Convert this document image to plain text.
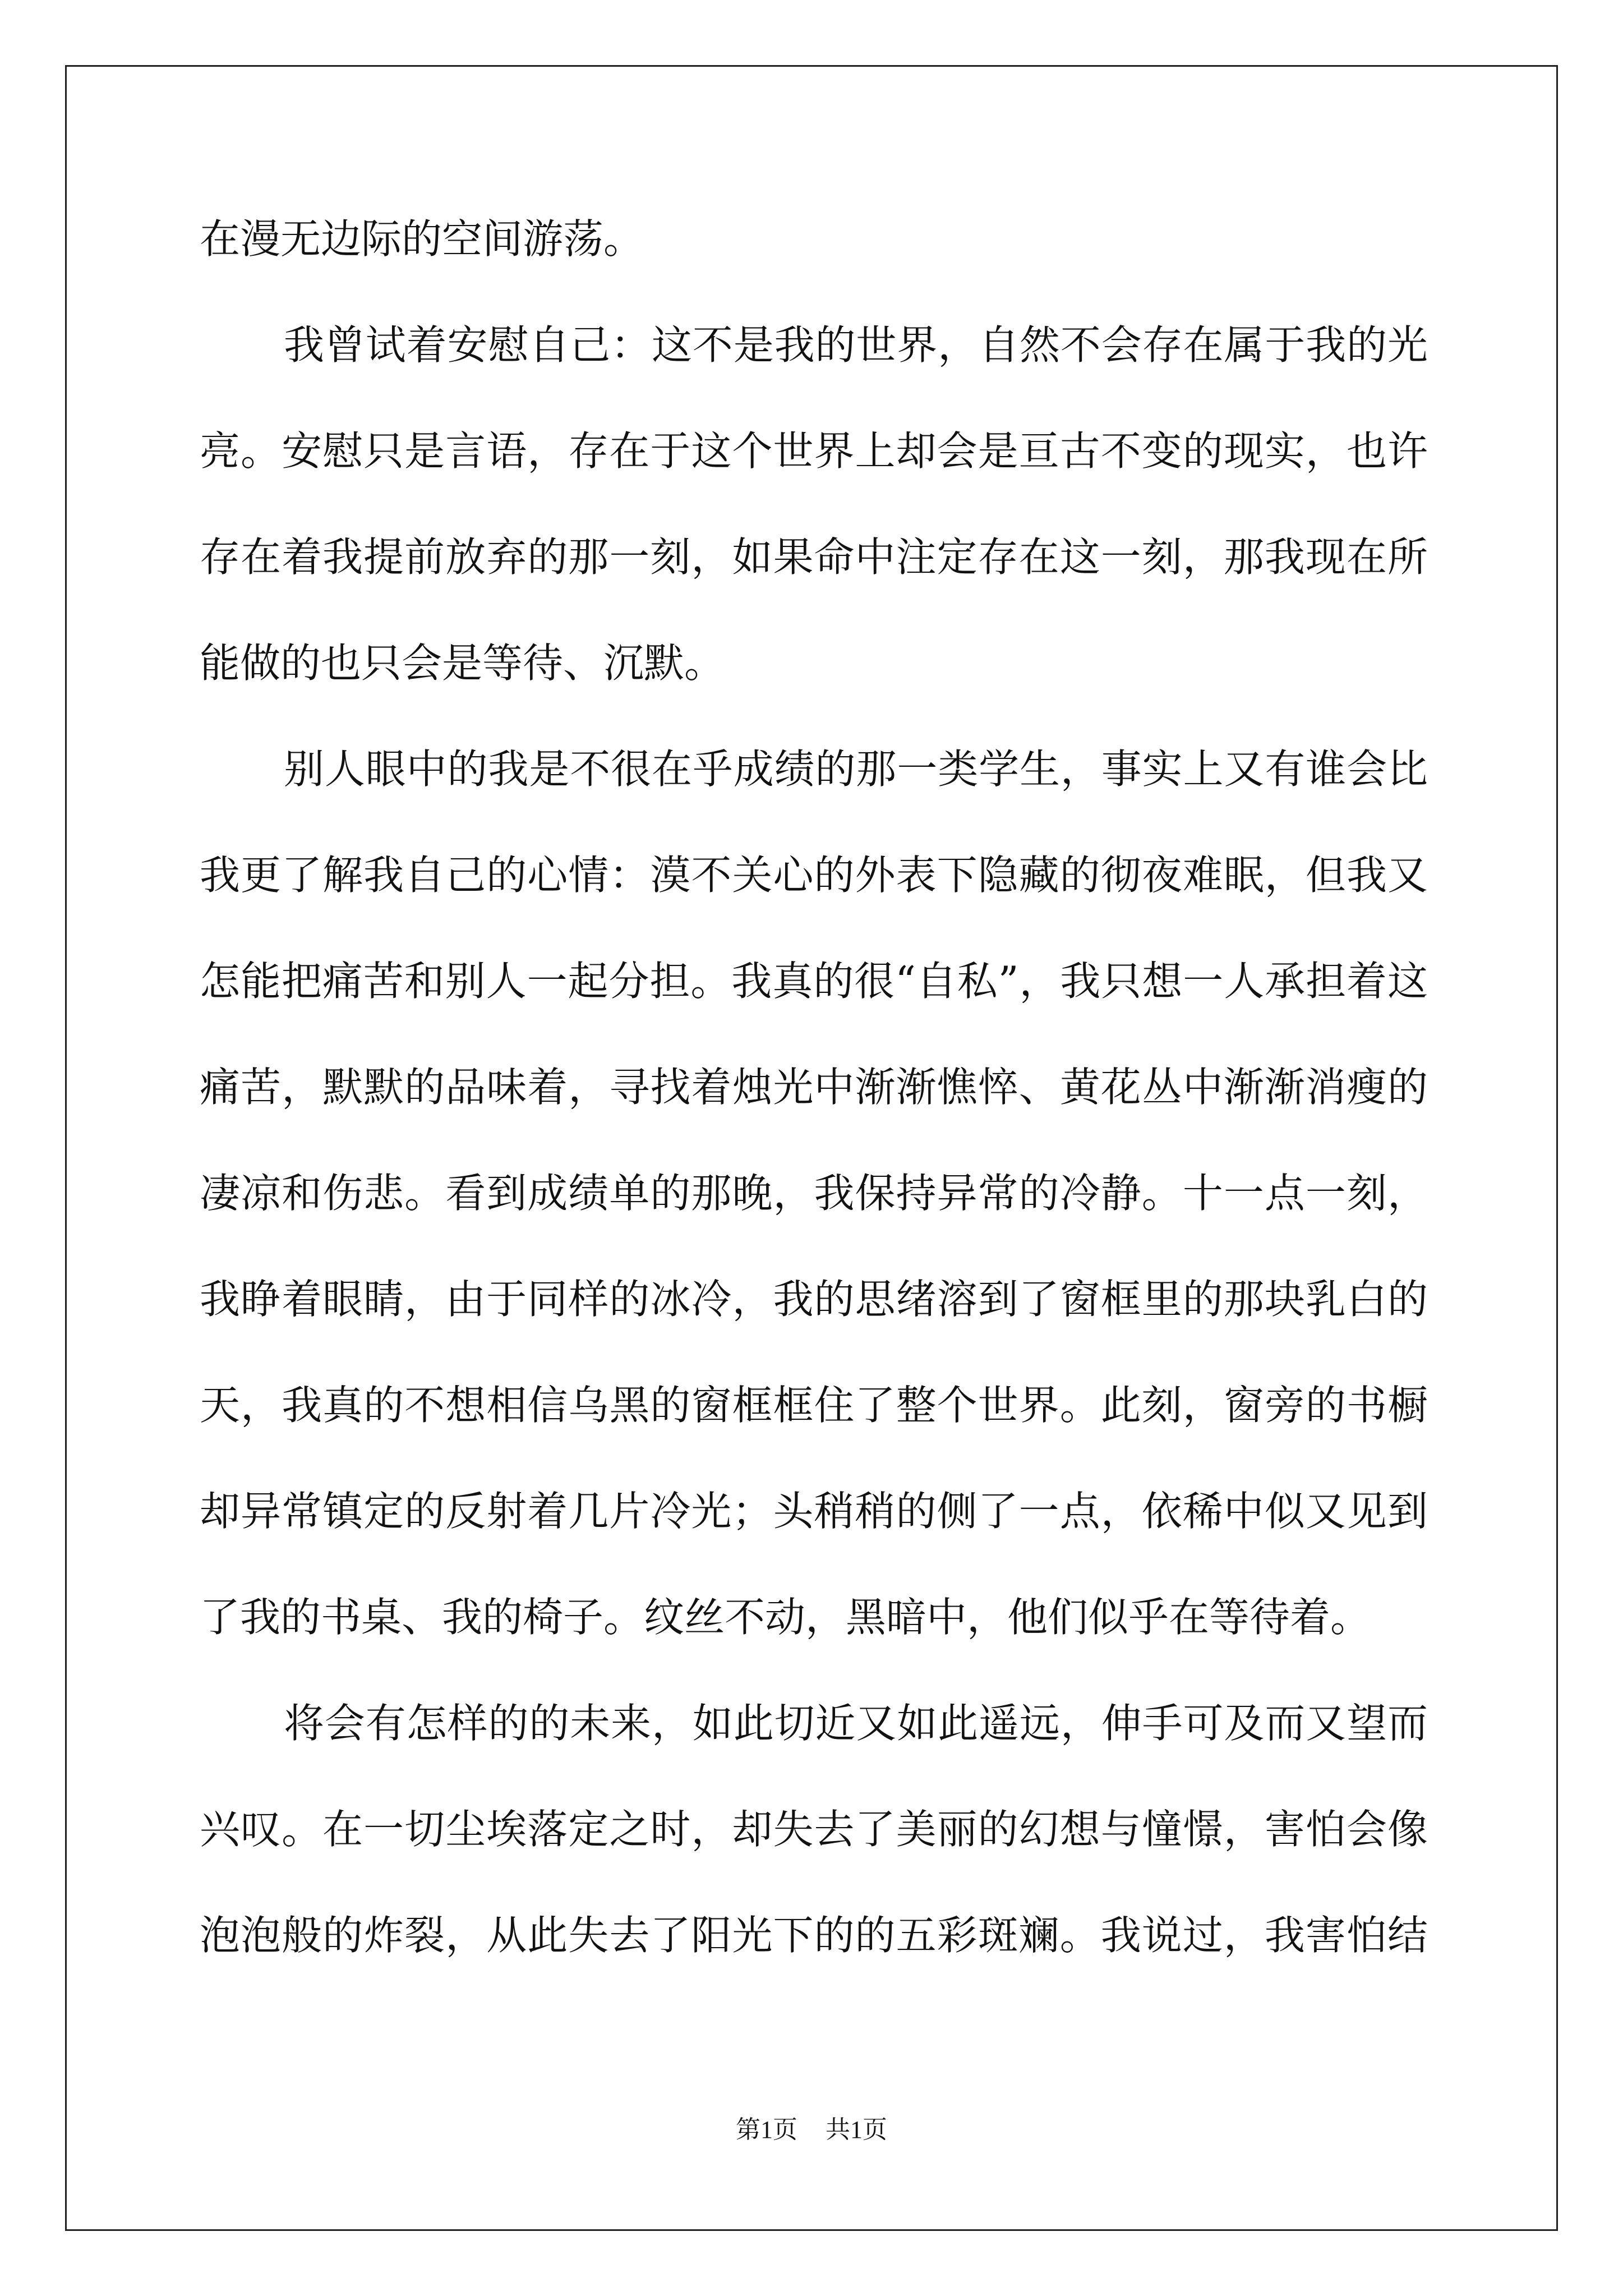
在漫无边际的空间游荡。
我曾试着安慰自己：这不是我的世界，自然不会存在属于我的光
亮。安慰只是言语，存在于这个世界上却会是亘古不变的现实，也许
存在着我提前放弃的那一刻，如果命中注定存在这一刻，那我现在所
能做的也只会是等待、沉默。
别人眼中的我是不很在乎成绩的那一类学生，事实上又有谁会比
我更了解我自己的心情：漠不关心的外表下隐藏的彻夜难眠，但我又
怎能把痛苦和别人一起分担。我真的很“自私”，我只想一人承担着这
痛苦，默默的品味着，寻找着烛光中渐渐憔悴、黄花丛中渐渐消瘦的
凄凉和伤悲。看到成绩单的那晚，我保持异常的冷静。十一点一刻，
我睁着眼睛，由于同样的冰冷，我的思绪溶到了窗框里的那块乳白的
天，我真的不想相信乌黑的窗框框住了整个世界。此刻，窗旁的书橱
却异常镇定的反射着几片冷光；头稍稍的侧了一点，依稀中似又见到
了我的书桌、我的椅子。纹丝不动，黑暗中，他们似乎在等待着。
将会有怎样的的未来，如此切近又如此遥远，伸手可及而又望而
兴叹。在一切尘埃落定之时，却失去了美丽的幻想与憧憬，害怕会像
泡泡般的炸裂，从此失去了阳光下的的五彩斑斓。我说过，我害怕结
第1页 共1页
